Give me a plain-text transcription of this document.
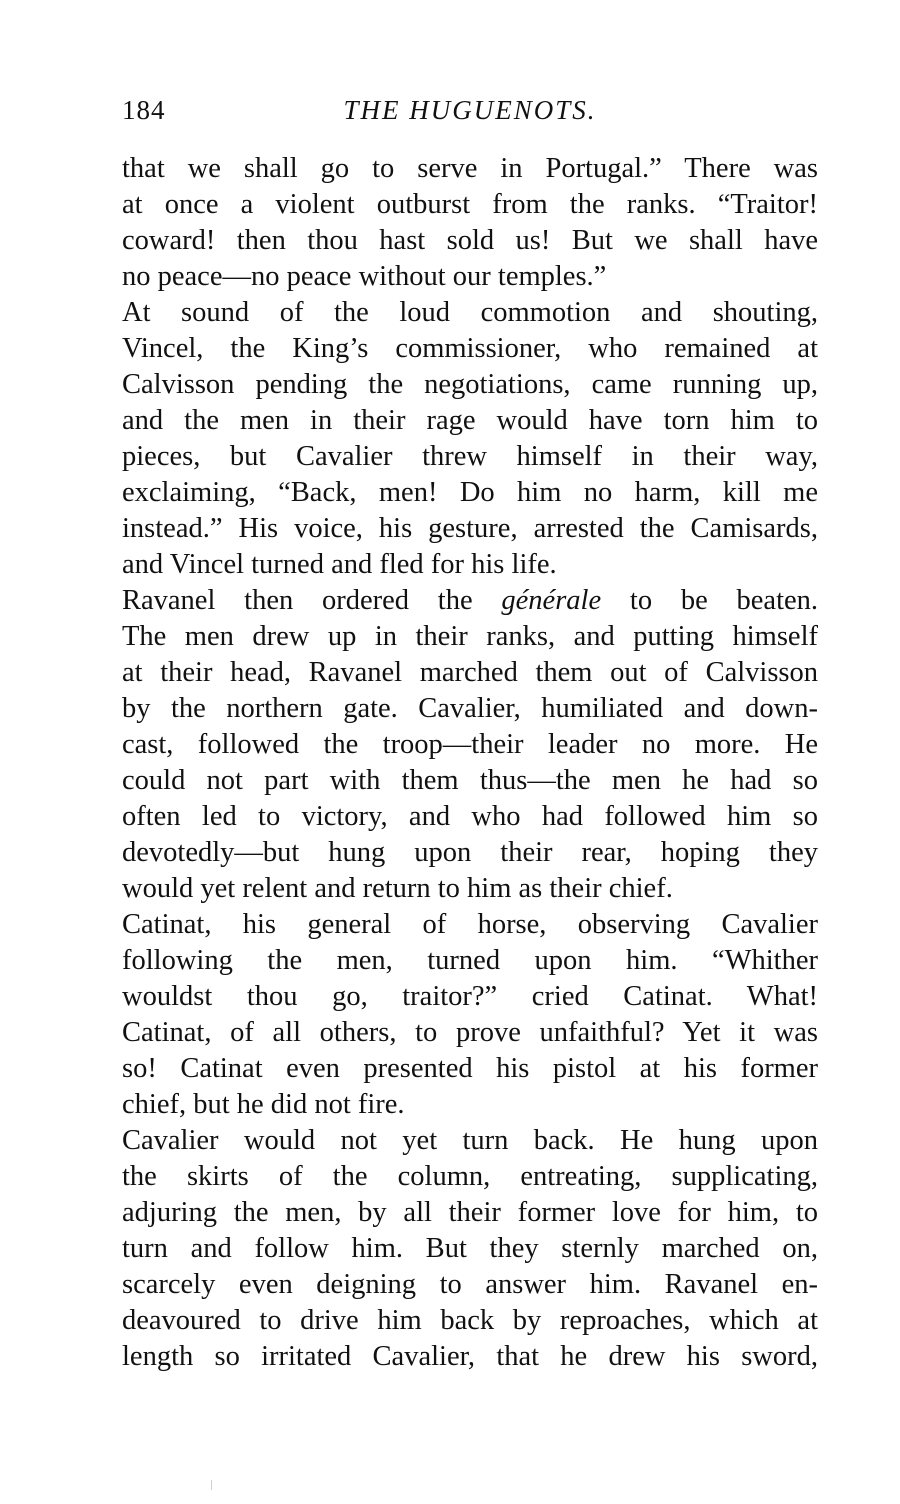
184	THE HUGUENOTS.
that we shall go to serve in Portugal.” There was
at once a violent outburst from the ranks. “Traitor!
coward! then thou hast sold us! But we shall have
no peace—no peace without our temples.”
At sound of the loud commotion and shouting,
Vincel, the King’s commissioner, who remained at
Calvisson pending the negotiations, came running up,
and the men in their rage would have torn him to
pieces, but Cavalier threw himself in their way,
exclaiming, “Back, men! Do him no harm, kill me
instead.” His voice, his gesture, arrested the Camisards,
and Vincel turned and fled for his life.
Ravanel then ordered the générale to be beaten.
The men drew up in their ranks, and putting himself
at their head, Ravanel marched them out of Calvisson
by the northern gate. Cavalier, humiliated and down-
cast, followed the troop—their leader no more. He
could not part with them thus—the men he had so
often led to victory, and who had followed him so
devotedly—but hung upon their rear, hoping they
would yet relent and return to him as their chief.
Catinat, his general of horse, observing Cavalier
following the men, turned upon him. “Whither
wouldst thou go, traitor?” cried Catinat. What!
Catinat, of all others, to prove unfaithful? Yet it was
so! Catinat even presented his pistol at his former
chief, but he did not fire.
Cavalier would not yet turn back. He hung upon
the skirts of the column, entreating, supplicating,
adjuring the men, by all their former love for him, to
turn and follow him. But they sternly marched on,
scarcely even deigning to answer him. Ravanel en-
deavoured to drive him back by reproaches, which at
length so irritated Cavalier, that he drew his sword,
